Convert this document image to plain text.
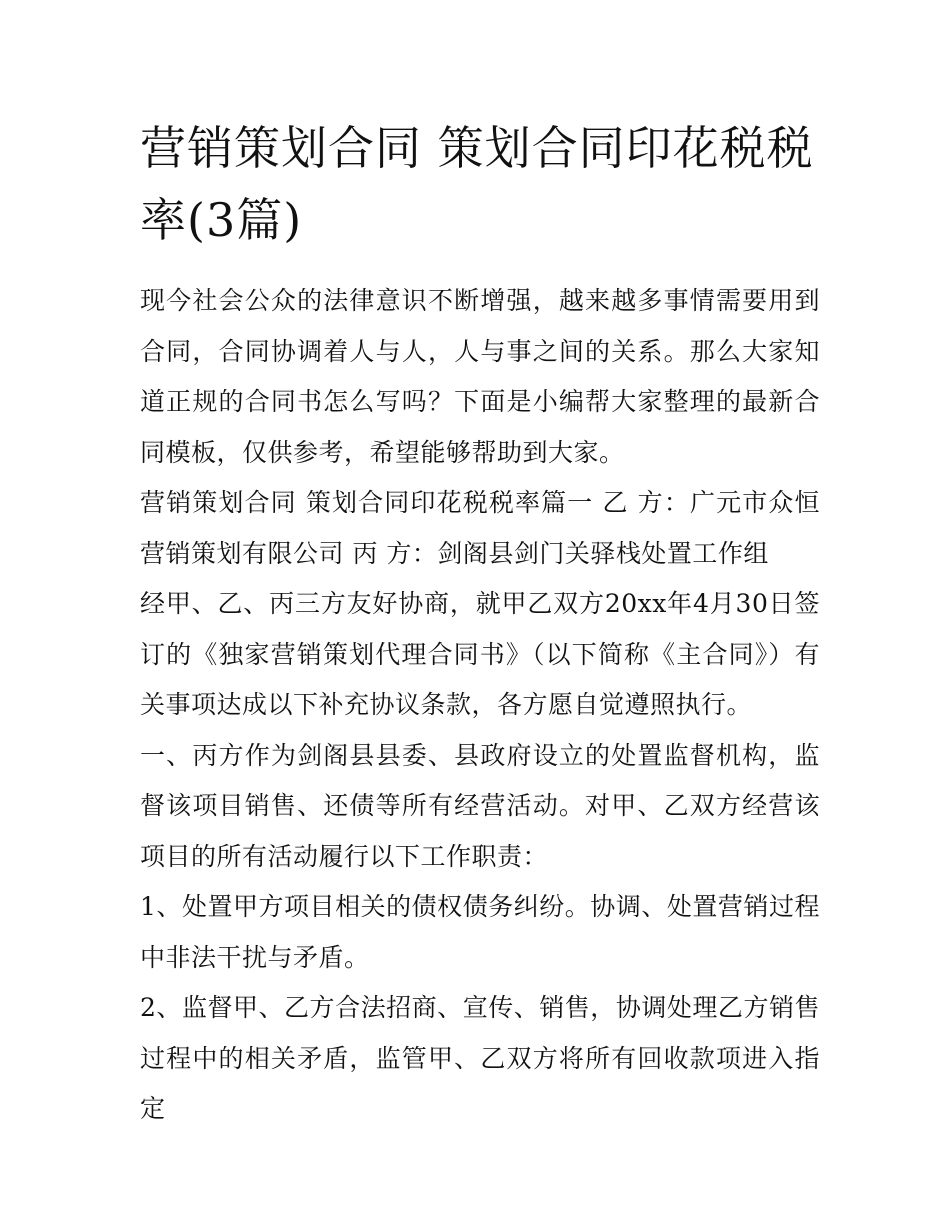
营销策划合同 策划合同印花税税率(3篇)

现今社会公众的法律意识不断增强，越来越多事情需要用到合同，合同协调着人与人，人与事之间的关系。那么大家知道正规的合同书怎么写吗？下面是小编帮大家整理的最新合同模板，仅供参考，希望能够帮助到大家。

营销策划合同 策划合同印花税税率篇一 乙 方：广元市众恒营销策划有限公司 丙 方：剑阁县剑门关驿栈处置工作组

经甲、乙、丙三方友好协商，就甲乙双方20xx年4月30日签订的《独家营销策划代理合同书》（以下简称《主合同》）有关事项达成以下补充协议条款，各方愿自觉遵照执行。

一、丙方作为剑阁县县委、县政府设立的处置监督机构，监督该项目销售、还债等所有经营活动。对甲、乙双方经营该项目的所有活动履行以下工作职责：

1、处置甲方项目相关的债权债务纠纷。协调、处置营销过程中非法干扰与矛盾。

2、监督甲、乙方合法招商、宣传、销售，协调处理乙方销售过程中的相关矛盾，监管甲、乙双方将所有回收款项进入指定
